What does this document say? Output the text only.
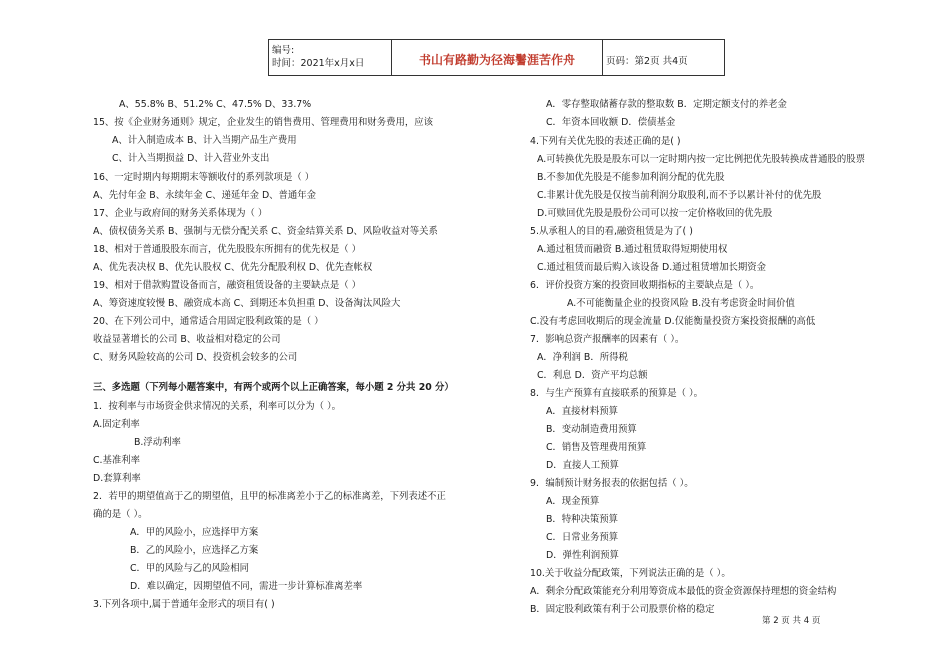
编号:
时间：2021年x月x日	书山有路勤为径海鬐涯苦作舟	页码：第2页 共4页
A、55.8% B、51.2% C、47.5% D、33.7%
15、按《企业财务通则》规定，企业发生的销售费用、管理费用和财务费用，应该
A、计入制造成本 B、计入当期产品生产费用
C、计入当期损益 D、计入营业外支出
16、一定时期内每期期末等额收付的系列款项是（ ）
A、先付年金 B、永续年金 C、递延年金 D、普通年金
17、企业与政府间的财务关系体现为（ ）
A、债权债务关系 B、强制与无偿分配关系 C、资金结算关系 D、风险收益对等关系
18、相对于普通股股东而言，优先股股东所拥有的优先权是（ ）
A、优先表决权 B、优先认股权 C、优先分配股利权 D、优先查帐权
19、相对于借款购置设备而言，融资租赁设备的主要缺点是（ ）
A、筹资速度较慢 B、融资成本高 C、到期还本负担重 D、设备淘汰风险大
20、在下列公司中，通常适合用固定股利政策的是（ ）
收益显著增长的公司 B、收益相对稳定的公司
C、财务风险较高的公司 D、投资机会较多的公司
三、多选题（下列每小题答案中，有两个或两个以上正确答案，每小题 2 分共 20 分）
1．按利率与市场资金供求情况的关系，利率可以分为（ ）。
A.固定利率
B.浮动利率
C.基准利率
D.套算利率
2．若甲的期望值高于乙的期望值，且甲的标准离差小于乙的标准离差，下列表述不正
确的是（ ）。
A．甲的风险小，应选择甲方案
B．乙的风险小，应选择乙方案
C．甲的风险与乙的风险相同
D．难以确定，因期望值不同，需进一步计算标准离差率
3.下列各项中,属于普通年金形式的项目有( )
A．零存整取储蓄存款的整取数 B．定期定额支付的养老金
C．年资本回收额 D．偿债基金
4.下列有关优先股的表述正确的是( )
A.可转换优先股是股东可以一定时期内按一定比例把优先股转换成普通股的股票
B.不参加优先股是不能参加利润分配的优先股
C.非累计优先股是仅按当前利润分取股利,而不予以累计补付的优先股
D.可赎回优先股是股份公司可以按一定价格收回的优先股
5.从承租人的目的看,融资租赁是为了( )
A.通过租赁而融资 B.通过租赁取得短期使用权
C.通过租赁而最后购入该设备 D.通过租赁增加长期资金
6．评价投资方案的投资回收期指标的主要缺点是（ ）。
A.不可能衡量企业的投资风险 B.没有考虑资金时间价值
C.没有考虑回收期后的现金流量 D.仅能衡量投资方案投资报酬的高低
7．影响总资产报酬率的因素有（ ）。
A．净利润 B．所得税
C．利息 D．资产平均总额
8．与生产预算有直接联系的预算是（ ）。
A．直接材料预算
B．变动制造费用预算
C．销售及管理费用预算
D．直接人工预算
9．编制预计财务报表的依据包括（ ）。
A．现金预算
B．特种决策预算
C．日常业务预算
D．弹性利润预算
10.关于收益分配政策，下列说法正确的是（ ）。
A．剩余分配政策能充分利用筹资成本最低的资金资源保持理想的资金结构
B．固定股利政策有利于公司股票价格的稳定
第 2 页 共 4 页
